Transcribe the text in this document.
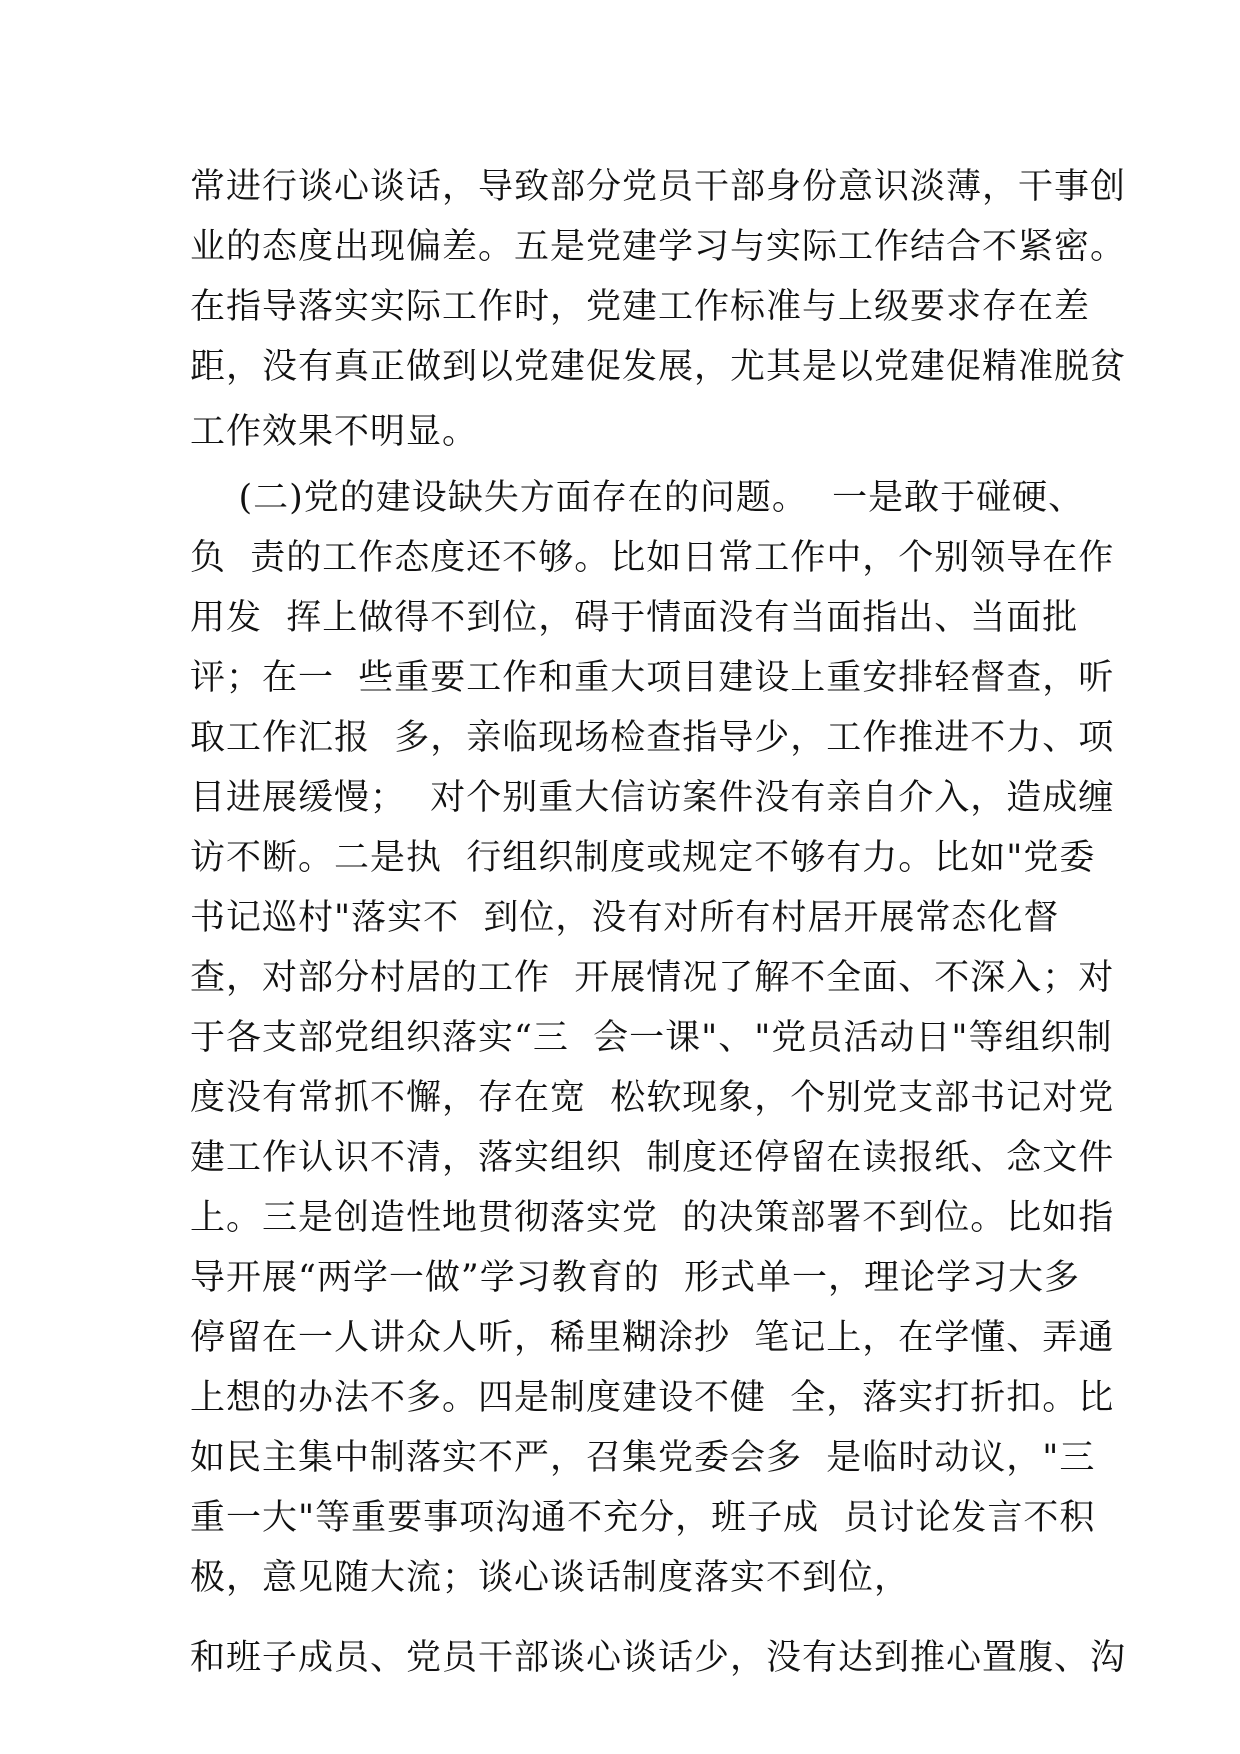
常进行谈心谈话，导致部分党员干部身份意识淡薄，干事创
业的态度出现偏差。五是党建学习与实际工作结合不紧密。
在指导落实实际工作时，党建工作标准与上级要求存在差
距，没有真正做到以党建促发展，尤其是以党建促精准脱贫
工作效果不明显。
(二)党的建设缺失方面存在的问题。  一是敢于碰硬、
负  责的工作态度还不够。比如日常工作中，个别领导在作
用发  挥上做得不到位，碍于情面没有当面指出、当面批
评；在一  些重要工作和重大项目建设上重安排轻督查，听
取工作汇报  多，亲临现场检查指导少，工作推进不力、项
目进展缓慢；  对个别重大信访案件没有亲自介入，造成缠
访不断。二是执  行组织制度或规定不够有力。比如"党委
书记巡村"落实不  到位，没有对所有村居开展常态化督
查，对部分村居的工作  开展情况了解不全面、不深入；对
于各支部党组织落实“三  会一课"、"党员活动日"等组织制
度没有常抓不懈，存在宽  松软现象，个别党支部书记对党
建工作认识不清，落实组织  制度还停留在读报纸、念文件
上。三是创造性地贯彻落实党  的决策部署不到位。比如指
导开展“两学一做”学习教育的  形式单一，理论学习大多
停留在一人讲众人听，稀里糊涂抄  笔记上，在学懂、弄通
上想的办法不多。四是制度建设不健  全，落实打折扣。比
如民主集中制落实不严，召集党委会多  是临时动议，"三
重一大"等重要事项沟通不充分，班子成  员讨论发言不积
极，意见随大流；谈心谈话制度落实不到位，
和班子成员、党员干部谈心谈话少，没有达到推心置腹、沟
